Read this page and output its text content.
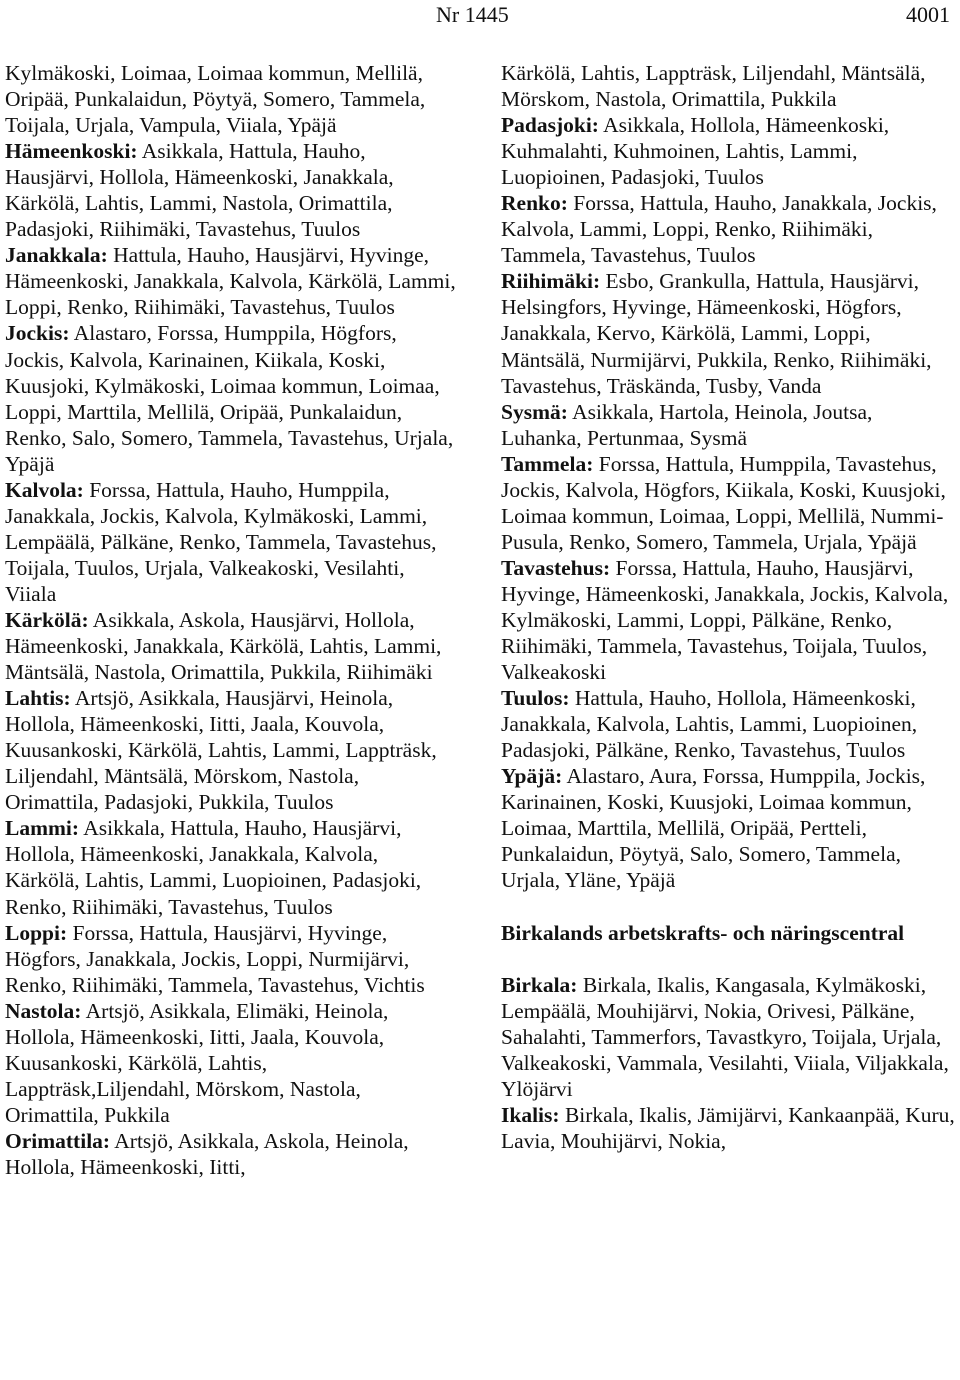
Nr 1445	4001

Kylmäkoski, Loimaa, Loimaa kommun, Mellilä, Oripää, Punkalaidun, Pöytyä, Somero, Tammela, Toijala, Urjala, Vampula, Viiala, Ypäjä

Hämeenkoski: Asikkala, Hattula, Hauho, Hausjärvi, Hollola, Hämeenkoski, Janakkala, Kärkölä, Lahtis, Lammi, Nastola, Orimattila, Padasjoki, Riihimäki, Tavastehus, Tuulos

Janakkala: Hattula, Hauho, Hausjärvi, Hyvinge, Hämeenkoski, Janakkala, Kalvola, Kärkölä, Lammi, Loppi, Renko, Riihimäki, Tavastehus, Tuulos

Jockis: Alastaro, Forssa, Humppila, Högfors, Jockis, Kalvola, Karinainen, Kiikala, Koski, Kuusjoki, Kylmäkoski, Loimaa kommun, Loimaa, Loppi, Marttila, Mellilä, Oripää, Punkalaidun, Renko, Salo, Somero, Tammela, Tavastehus, Urjala, Ypäjä

Kalvola: Forssa, Hattula, Hauho, Humppila, Janakkala, Jockis, Kalvola, Kylmäkoski, Lammi, Lempäälä, Pälkäne, Renko, Tammela, Tavastehus, Toijala, Tuulos, Urjala, Valkeakoski, Vesilahti, Viiala

Kärkölä: Asikkala, Askola, Hausjärvi, Hollola, Hämeenkoski, Janakkala, Kärkölä, Lahtis, Lammi, Mäntsälä, Nastola, Orimattila, Pukkila, Riihimäki

Lahtis: Artsjö, Asikkala, Hausjärvi, Heinola, Hollola, Hämeenkoski, Iitti, Jaala, Kouvola, Kuusankoski, Kärkölä, Lahtis, Lammi, Lappträsk, Liljendahl, Mäntsälä, Mörskom, Nastola, Orimattila, Padasjoki, Pukkila, Tuulos

Lammi: Asikkala, Hattula, Hauho, Hausjärvi, Hollola, Hämeenkoski, Janakkala, Kalvola, Kärkölä, Lahtis, Lammi, Luopioinen, Padasjoki, Renko, Riihimäki, Tavastehus, Tuulos

Loppi: Forssa, Hattula, Hausjärvi, Hyvinge, Högfors, Janakkala, Jockis, Loppi, Nurmijärvi, Renko, Riihimäki, Tammela, Tavastehus, Vichtis

Nastola: Artsjö, Asikkala, Elimäki, Heinola, Hollola, Hämeenkoski, Iitti, Jaala, Kouvola, Kuusankoski, Kärkölä, Lahtis, Lappträsk,Liljendahl, Mörskom, Nastola, Orimattila, Pukkila

Orimattila: Artsjö, Asikkala, Askola, Heinola, Hollola, Hämeenkoski, Iitti,

Kärkölä, Lahtis, Lappträsk, Liljendahl, Mäntsälä, Mörskom, Nastola, Orimattila, Pukkila

Padasjoki: Asikkala, Hollola, Hämeenkoski, Kuhmalahti, Kuhmoinen, Lahtis, Lammi, Luopioinen, Padasjoki, Tuulos

Renko: Forssa, Hattula, Hauho, Janakkala, Jockis, Kalvola, Lammi, Loppi, Renko, Riihimäki, Tammela, Tavastehus, Tuulos

Riihimäki: Esbo, Grankulla, Hattula, Hausjärvi, Helsingfors, Hyvinge, Hämeenkoski, Högfors, Janakkala, Kervo, Kärkölä, Lammi, Loppi, Mäntsälä, Nurmijärvi, Pukkila, Renko, Riihimäki, Tavastehus, Träskända, Tusby, Vanda

Sysmä: Asikkala, Hartola, Heinola, Joutsa, Luhanka, Pertunmaa, Sysmä

Tammela: Forssa, Hattula, Humppila, Tavastehus, Jockis, Kalvola, Högfors, Kiikala, Koski, Kuusjoki, Loimaa kommun, Loimaa, Loppi, Mellilä, Nummi-Pusula, Renko, Somero, Tammela, Urjala, Ypäjä

Tavastehus: Forssa, Hattula, Hauho, Hausjärvi, Hyvinge, Hämeenkoski, Janakkala, Jockis, Kalvola, Kylmäkoski, Lammi, Loppi, Pälkäne, Renko, Riihimäki, Tammela, Tavastehus, Toijala, Tuulos, Valkeakoski

Tuulos: Hattula, Hauho, Hollola, Hämeenkoski, Janakkala, Kalvola, Lahtis, Lammi, Luopioinen, Padasjoki, Pälkäne, Renko, Tavastehus, Tuulos

Ypäjä: Alastaro, Aura, Forssa, Humppila, Jockis, Karinainen, Koski, Kuusjoki, Loimaa kommun, Loimaa, Marttila, Mellilä, Oripää, Pertteli, Punkalaidun, Pöytyä, Salo, Somero, Tammela, Urjala, Yläne, Ypäjä

Birkalands arbetskrafts- och näringscentral

Birkala: Birkala, Ikalis, Kangasala, Kylmäkoski, Lempäälä, Mouhijärvi, Nokia, Orivesi, Pälkäne, Sahalahti, Tammerfors, Tavastkyro, Toijala, Urjala, Valkeakoski, Vammala, Vesilahti, Viiala, Viljakkala, Ylöjärvi

Ikalis: Birkala, Ikalis, Jämijärvi, Kankaanpää, Kuru, Lavia, Mouhijärvi, Nokia,
